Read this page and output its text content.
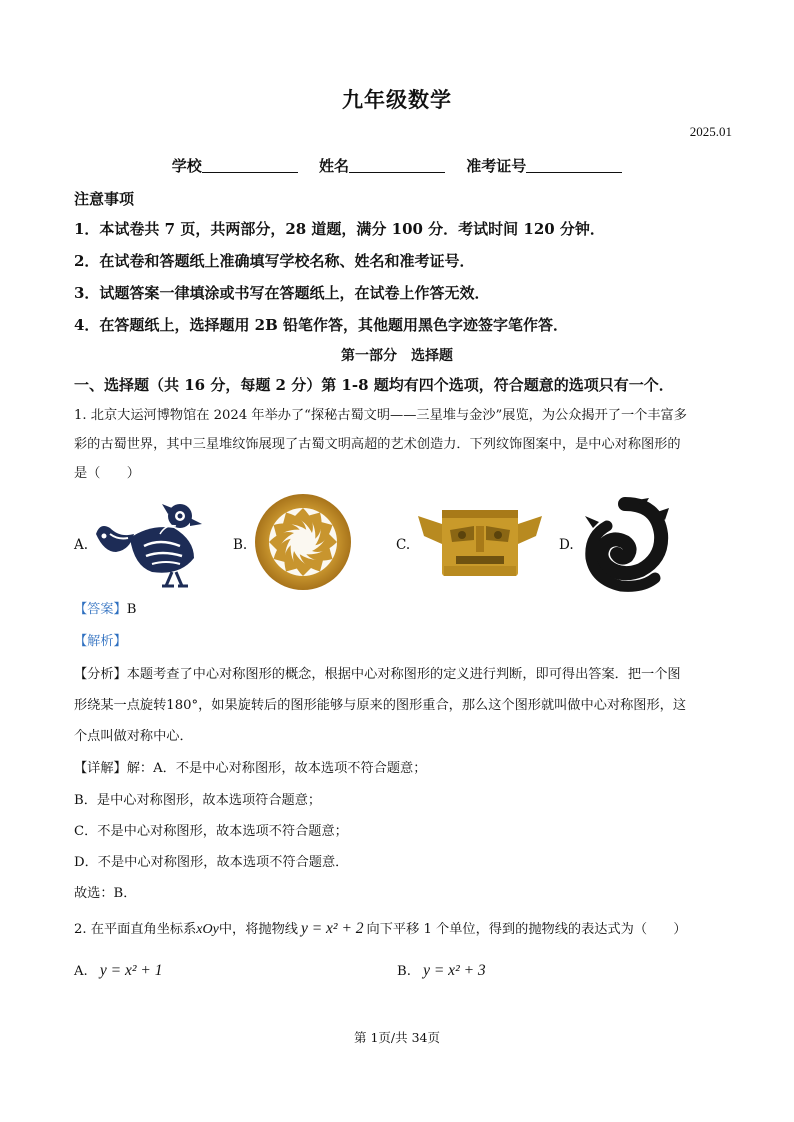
九年级数学
2025.01
学校	姓名	准考证号
注意事项
1．本试卷共 7 页，共两部分，28 道题，满分 100 分．考试时间 120 分钟．
2．在试卷和答题纸上准确填写学校名称、姓名和准考证号．
3．试题答案一律填涂或书写在答题纸上，在试卷上作答无效．
4．在答题纸上，选择题用 2B 铅笔作答，其他题用黑色字迹签字笔作答．
第一部分　选择题
一、选择题（共 16 分，每题 2 分）第 1-8 题均有四个选项，符合题意的选项只有一个．
1. 北京大运河博物馆在 2024 年举办了“探秘古蜀文明——三星堆与金沙”展览，为公众揭开了一个丰富多
彩的古蜀世界，其中三星堆纹饰展现了古蜀文明高超的艺术创造力．下列纹饰图案中，是中心对称图形的
是（　　）
A.	B.	C.	D.
【答案】B
【解析】
【分析】本题考查了中心对称图形的概念，根据中心对称图形的定义进行判断，即可得出答案．把一个图
形绕某一点旋转180°，如果旋转后的图形能够与原来的图形重合，那么这个图形就叫做中心对称图形，这
个点叫做对称中心．
【详解】解：A．不是中心对称图形，故本选项不符合题意；
B．是中心对称图形，故本选项符合题意；
C．不是中心对称图形，故本选项不符合题意；
D．不是中心对称图形，故本选项不符合题意．
故选：B．
2. 在平面直角坐标系xOy中，将抛物线 y = x² + 2 向下平移 1 个单位，得到的抛物线的表达式为（　　）
A. y = x² + 1	B. y = x² + 3
第 1页/共 34页
